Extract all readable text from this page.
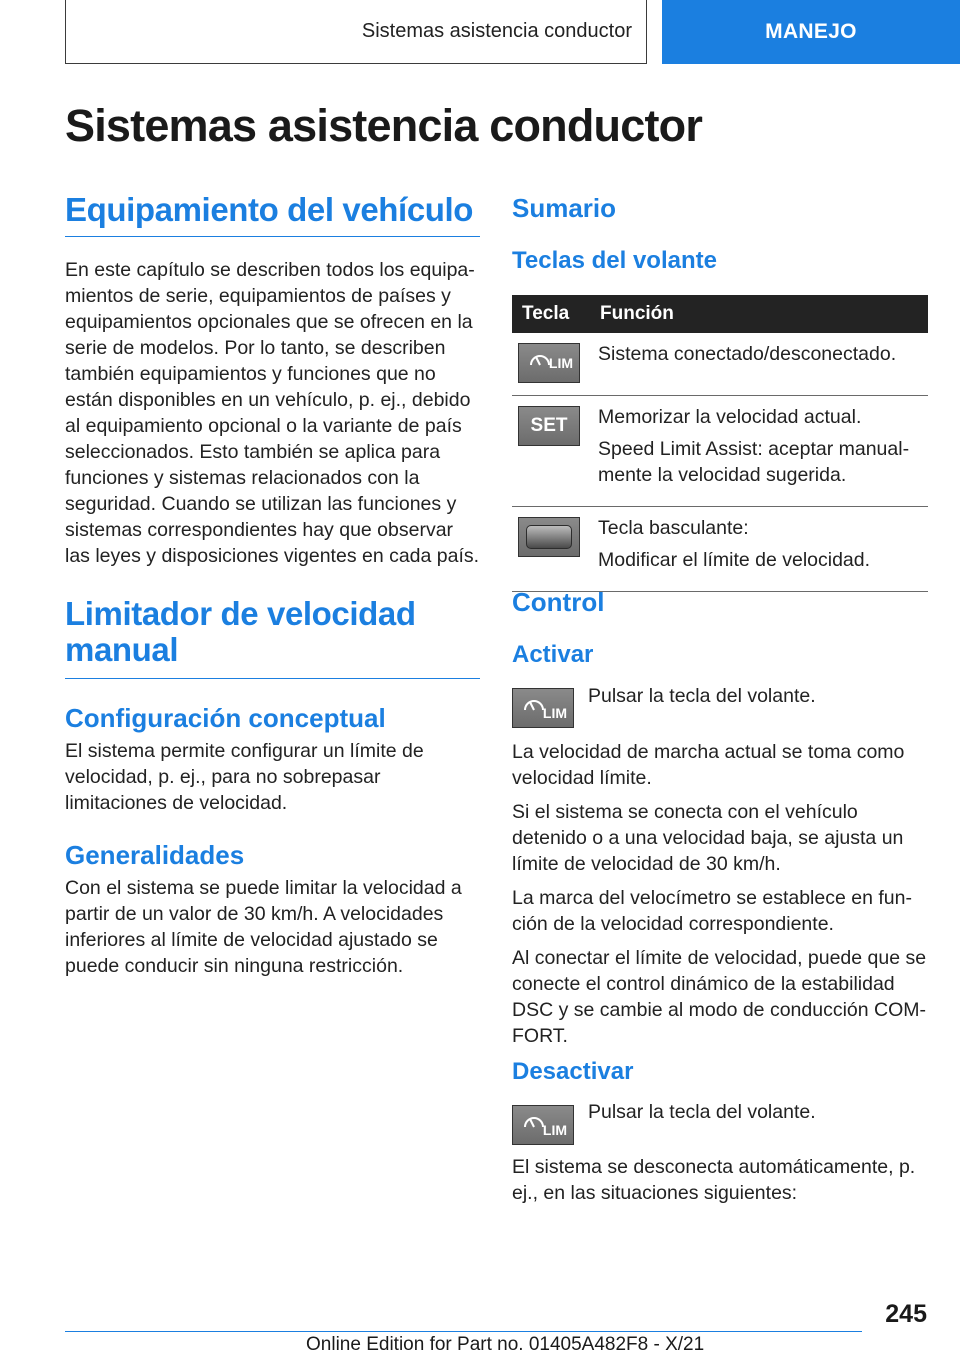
Sistemas asistencia conductor	MANEJO
Sistemas asistencia conductor
Equipamiento del vehículo

En este capítulo se describen todos los equipamientos de serie, equipamientos de países y equipamientos opcionales que se ofrecen en la serie de modelos. Por lo tanto, se describen también equipamientos y funciones que no están disponibles en un vehículo, p. ej., debido al equipamiento opcional o la variante de país seleccionados. Esto también se aplica para funciones y sistemas relacionados con la seguridad. Cuando se utilizan las funciones y sistemas correspondientes hay que observar las leyes y disposiciones vigentes en cada país.

Limitador de velocidad manual
Configuración conceptual

El sistema permite configurar un límite de velocidad, p. ej., para no sobrepasar limitaciones de velocidad.

Generalidades

Con el sistema se puede limitar la velocidad a partir de un valor de 30 km/h. A velocidades inferiores al límite de velocidad ajustado se puede conducir sin ninguna restricción.

Sumario
Teclas del volante
Tecla	Función

LIM	Sistema conectado/desconectado.

SET	Memorizar la velocidad actual.

Speed Limit Assist: aceptar manualmente la velocidad sugerida.

	Tecla basculante:

Modificar el límite de velocidad.

Control
Activar
LIM

Pulsar la tecla del volante.

La velocidad de marcha actual se toma como velocidad límite.

Si el sistema se conecta con el vehículo detenido o a una velocidad baja, se ajusta un límite de velocidad de 30 km/h.

La marca del velocímetro se establece en función de la velocidad correspondiente.

Al conectar el límite de velocidad, puede que se conecte el control dinámico de la estabilidad DSC y se cambie al modo de conducción COMFORT.

Desactivar
LIM

Pulsar la tecla del volante.

El sistema se desconecta automáticamente, p. ej., en las situaciones siguientes:

245
Online Edition for Part no. 01405A482F8 - X/21
